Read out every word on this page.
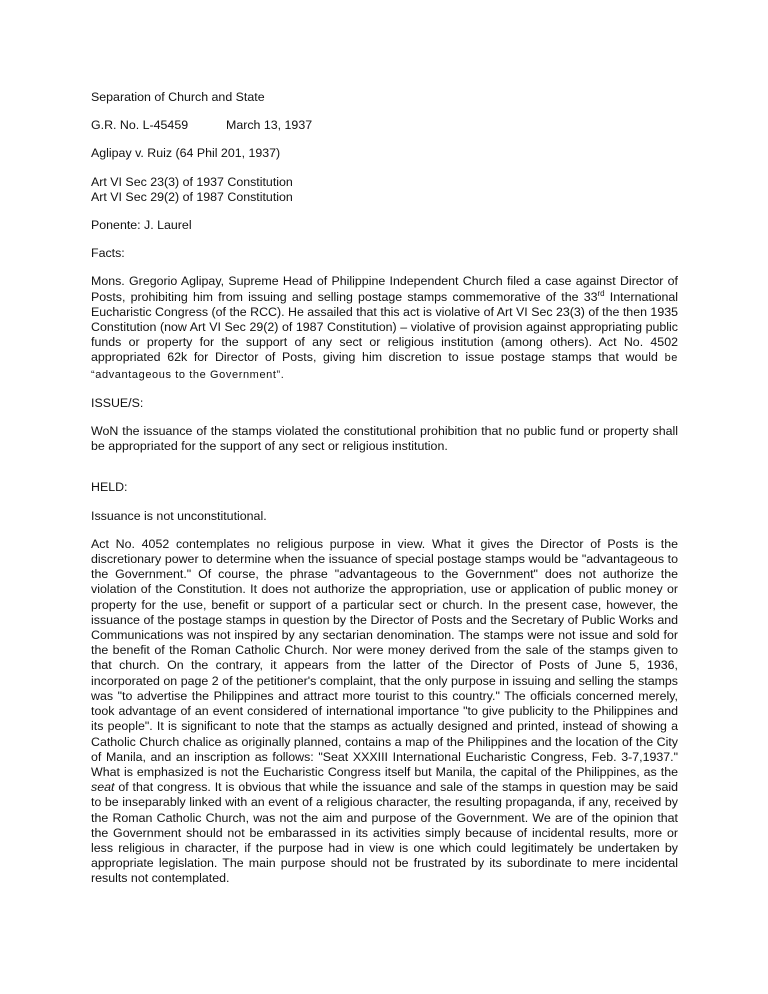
Separation of Church and State

G.R. No. L-45459	March 13, 1937

Aglipay v. Ruiz (64 Phil 201, 1937)

Art VI Sec 23(3) of 1937 Constitution

Art VI Sec 29(2) of 1987 Constitution

Ponente: J. Laurel

Facts:

Mons. Gregorio Aglipay, Supreme Head of Philippine Independent Church filed a case against Director of Posts, prohibiting him from issuing and selling postage stamps commemorative of the 33rd International Eucharistic Congress (of the RCC). He assailed that this act is violative of Art VI Sec 23(3) of the then 1935 Constitution (now Art VI Sec 29(2) of 1987 Constitution) – violative of provision against appropriating public funds or property for the support of any sect or religious institution (among others). Act No. 4502 appropriated 62k for Director of Posts, giving him discretion to issue postage stamps that would be “advantageous to the Government”.

ISSUE/S:

WoN the issuance of the stamps violated the constitutional prohibition that no public fund or property shall be appropriated for the support of any sect or religious institution.

HELD:

Issuance is not unconstitutional.

Act No. 4052 contemplates no religious purpose in view. What it gives the Director of Posts is the discretionary power to determine when the issuance of special postage stamps would be "advantageous to the Government." Of course, the phrase "advantageous to the Government" does not authorize the violation of the Constitution. It does not authorize the appropriation, use or application of public money or property for the use, benefit or support of a particular sect or church. In the present case, however, the issuance of the postage stamps in question by the Director of Posts and the Secretary of Public Works and Communications was not inspired by any sectarian denomination. The stamps were not issue and sold for the benefit of the Roman Catholic Church. Nor were money derived from the sale of the stamps given to that church. On the contrary, it appears from the latter of the Director of Posts of June 5, 1936, incorporated on page 2 of the petitioner's complaint, that the only purpose in issuing and selling the stamps was "to advertise the Philippines and attract more tourist to this country." The officials concerned merely, took advantage of an event considered of international importance "to give publicity to the Philippines and its people". It is significant to note that the stamps as actually designed and printed, instead of showing a Catholic Church chalice as originally planned, contains a map of the Philippines and the location of the City of Manila, and an inscription as follows: "Seat XXXIII International Eucharistic Congress, Feb. 3-7,1937." What is emphasized is not the Eucharistic Congress itself but Manila, the capital of the Philippines, as the seat of that congress. It is obvious that while the issuance and sale of the stamps in question may be said to be inseparably linked with an event of a religious character, the resulting propaganda, if any, received by the Roman Catholic Church, was not the aim and purpose of the Government. We are of the opinion that the Government should not be embarassed in its activities simply because of incidental results, more or less religious in character, if the purpose had in view is one which could legitimately be undertaken by appropriate legislation. The main purpose should not be frustrated by its subordinate to mere incidental results not contemplated.
